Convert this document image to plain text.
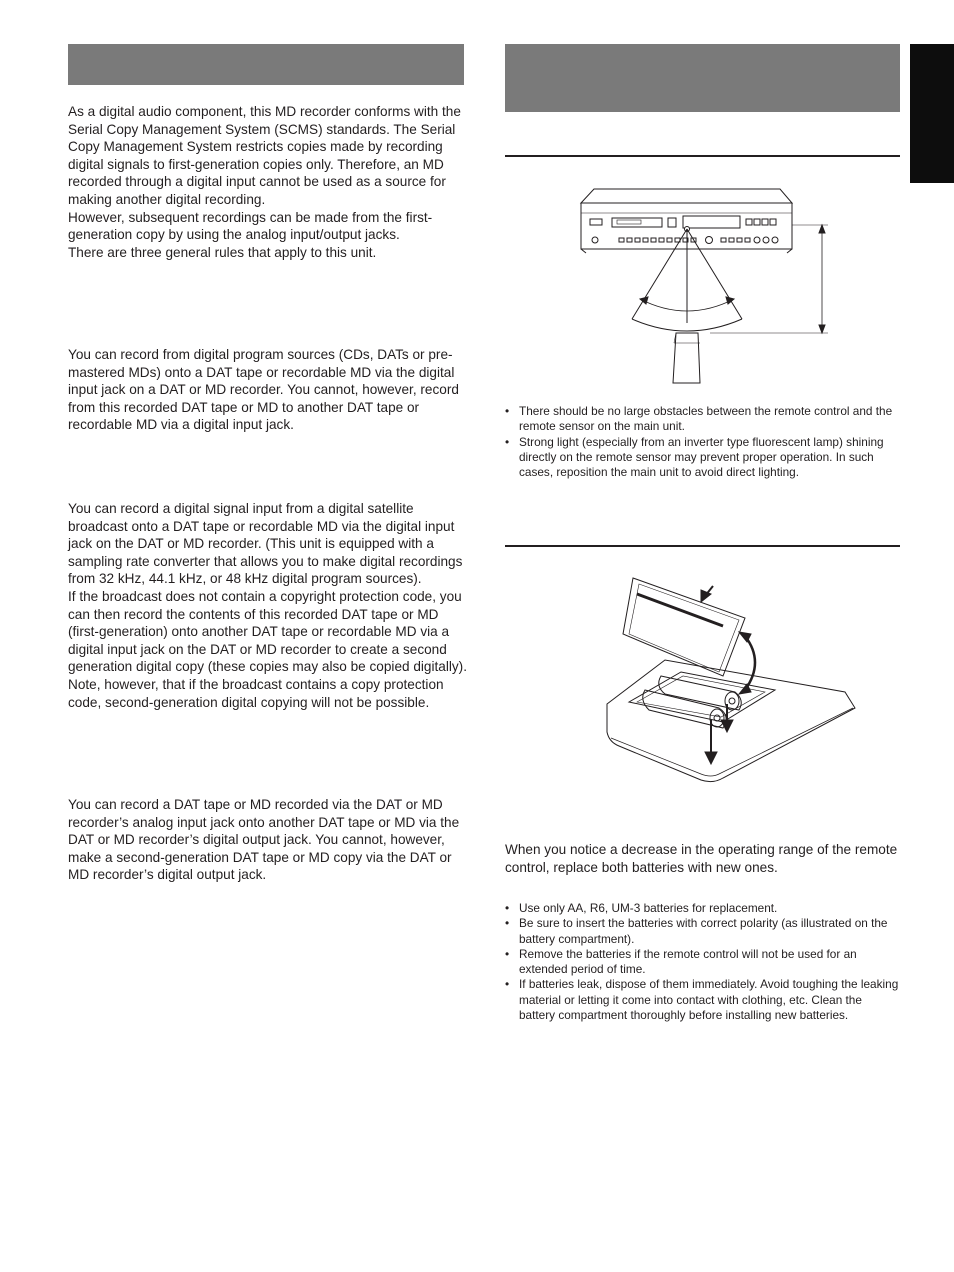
As a digital audio component, this MD recorder conforms with the Serial Copy Management System (SCMS) standards. The Serial Copy Management System restricts copies made by recording digital signals to first-generation copies only. Therefore, an MD recorded through a digital input cannot be used as a source for making another digital recording.

However, subsequent recordings can be made from the first-generation copy by using the analog input/output jacks.

There are three general rules that apply to this unit.

You can record from digital program sources (CDs, DATs or pre-mastered MDs) onto a DAT tape or recordable MD via the digital input jack on a DAT or MD recorder. You cannot, however, record from this recorded DAT tape or MD to another DAT tape or recordable MD via a digital input jack.

You can record a digital signal input from a digital satellite broadcast onto a DAT tape or recordable MD via the digital input jack on the DAT or MD recorder. (This unit is equipped with a sampling rate converter that allows you to make digital recordings from 32 kHz, 44.1 kHz, or 48 kHz digital program sources).

If the broadcast does not contain a copyright protection code, you can then record the contents of this recorded DAT tape or MD (first-generation) onto another DAT tape or recordable MD via a digital input jack on the DAT or MD recorder to create a second generation digital copy (these copies may also be copied digitally). Note, however, that if the broadcast contains a copy protection code, second-generation digital copying will not be possible.

You can record a DAT tape or MD recorded via the DAT or MD recorder’s analog input jack onto another DAT tape or MD via the DAT or MD recorder’s digital output jack. You cannot, however, make a second-generation DAT tape or MD copy via the DAT or MD recorder’s digital output jack.

• There should be no large obstacles between the remote control and the remote sensor on the main unit.
• Strong light (especially from an inverter type fluorescent lamp) shining directly on the remote sensor may prevent proper operation. In such cases, reposition the main unit to avoid direct lighting.

When you notice a decrease in the operating range of the remote control, replace both batteries with new ones.

• Use only AA, R6, UM-3 batteries for replacement.
• Be sure to insert the batteries with correct polarity (as illustrated on the battery compartment).
• Remove the batteries if the remote control will not be used for an extended period of time.
• If batteries leak, dispose of them immediately. Avoid toughing the leaking material or letting it come into contact with clothing, etc. Clean the battery compartment thoroughly before installing new batteries.
